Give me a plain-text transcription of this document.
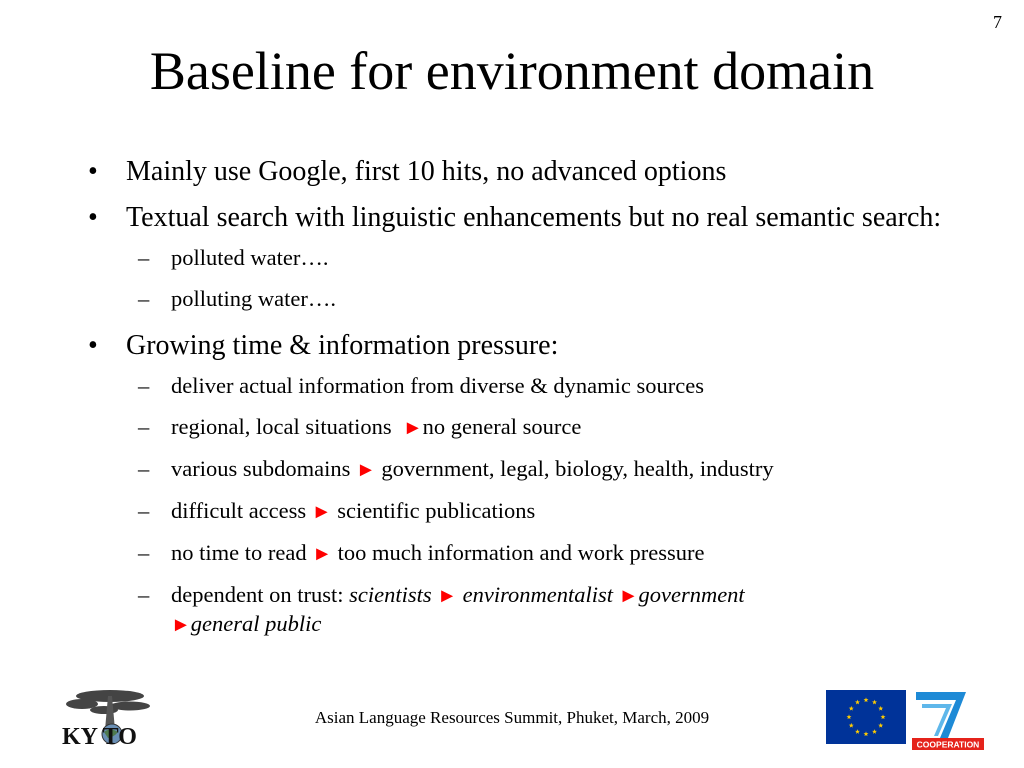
7
Baseline for environment domain
• Mainly use Google, first 10 hits, no advanced options
• Textual search with linguistic enhancements but no real semantic search:
– polluted water….
– polluting water….
• Growing time & information pressure:
– deliver actual information from diverse & dynamic sources
– regional, local situations ►no general source
– various subdomains ► government, legal, biology, health, industry
– difficult access ► scientific publications
– no time to read ► too much information and work pressure
– dependent on trust: scientists ► environmentalist ►government
►general public
Asian Language Resources Summit, Phuket, March, 2009
KY TO	COOPERATION
